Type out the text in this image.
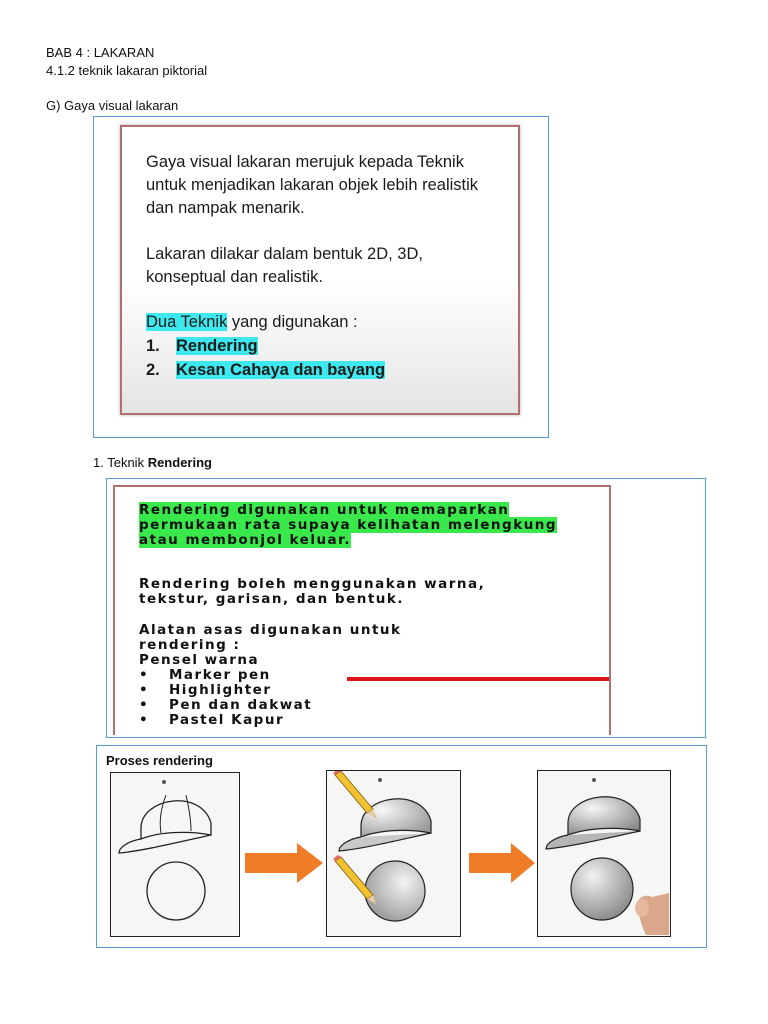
BAB 4 : LAKARAN
4.1.2 teknik lakaran piktorial
G) Gaya visual lakaran

Gaya visual lakaran merujuk kepada Teknik untuk menjadikan lakaran objek lebih realistik dan nampak menarik.

Lakaran dilakar dalam bentuk 2D, 3D, konseptual dan realistik.

Dua Teknik yang digunakan :

1. Rendering

2. Kesan Cahaya dan bayang

1. Teknik Rendering
Rendering digunakan untuk memaparkan permukaan rata supaya kelihatan melengkung atau membonjol keluar.
Rendering boleh menggunakan warna, tekstur, garisan, dan bentuk.
Alatan asas digunakan untuk rendering :
Pensel warna
• Marker pen
• Highlighter
• Pen dan dakwat
• Pastel Kapur
Proses rendering
